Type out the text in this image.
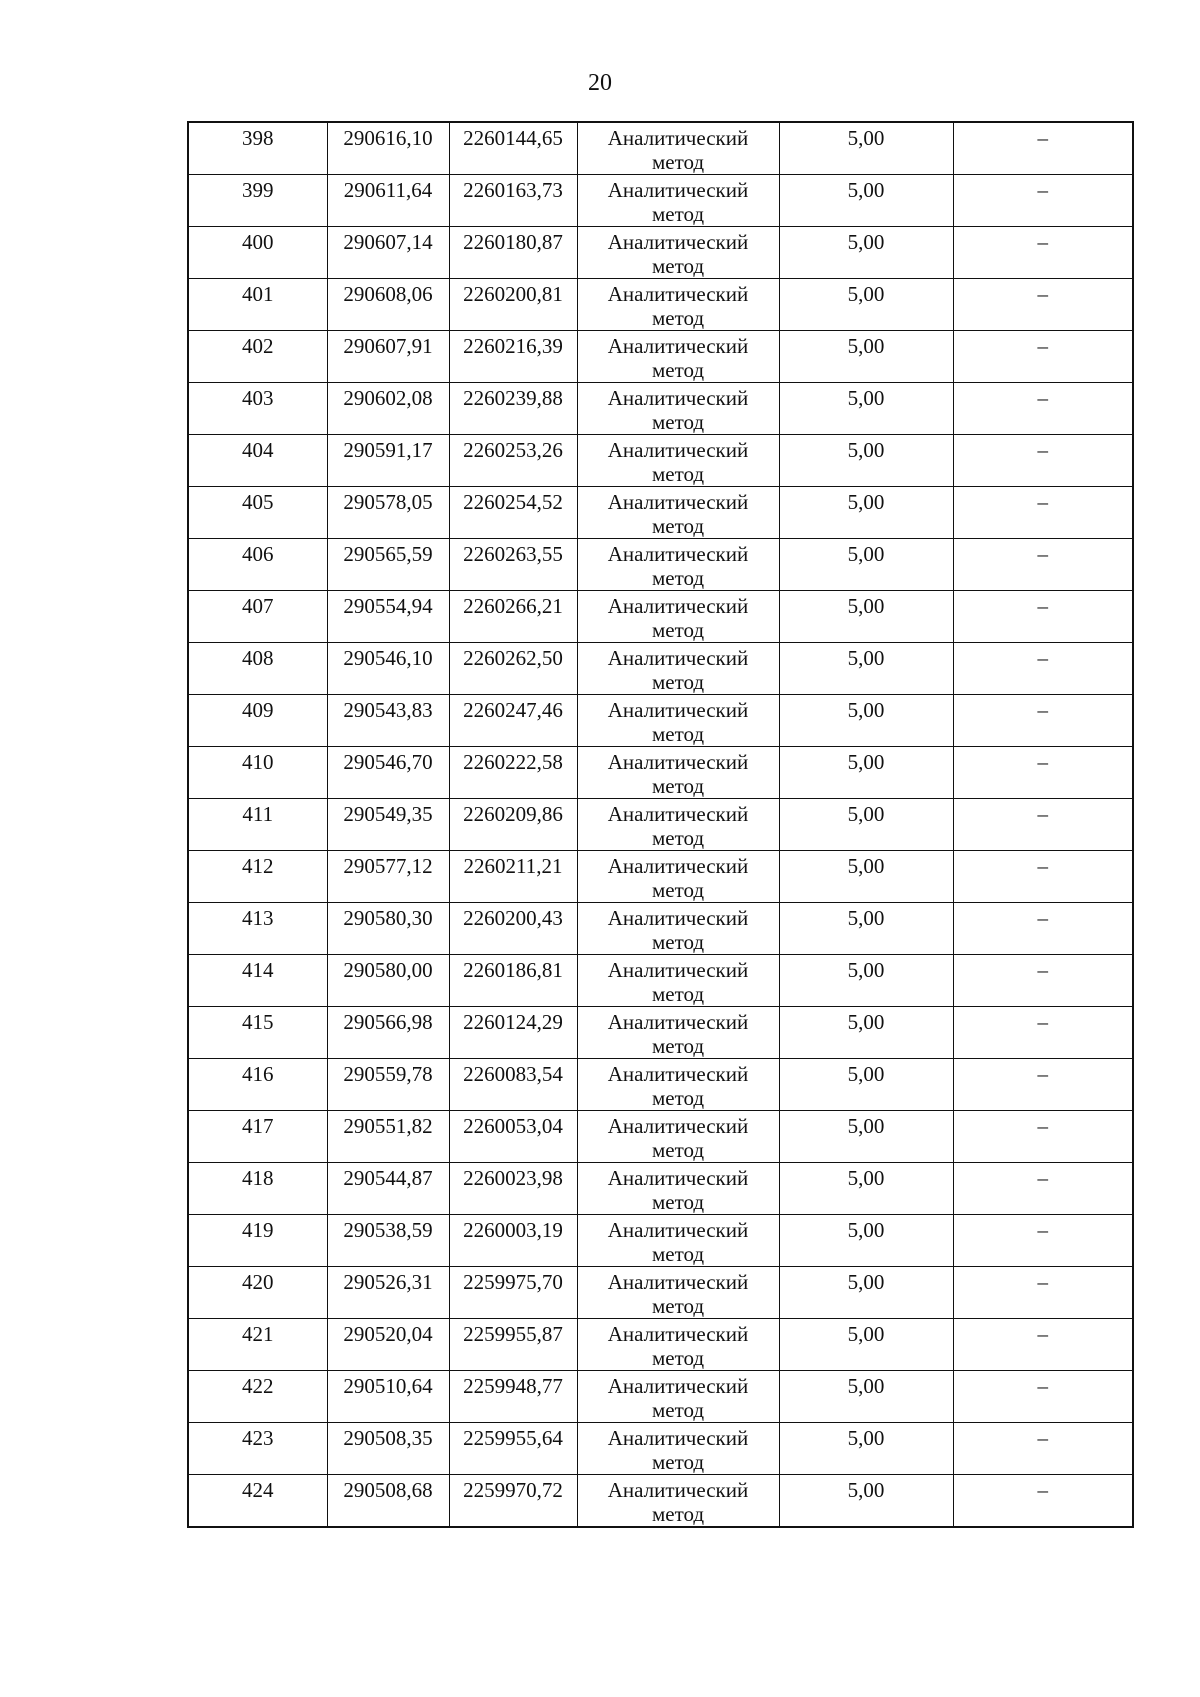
20
398	290616,10	2260144,65	Аналитический
метод	5,00	–

399	290611,64	2260163,73	Аналитический
метод	5,00	–

400	290607,14	2260180,87	Аналитический
метод	5,00	–

401	290608,06	2260200,81	Аналитический
метод	5,00	–

402	290607,91	2260216,39	Аналитический
метод	5,00	–

403	290602,08	2260239,88	Аналитический
метод	5,00	–

404	290591,17	2260253,26	Аналитический
метод	5,00	–

405	290578,05	2260254,52	Аналитический
метод	5,00	–

406	290565,59	2260263,55	Аналитический
метод	5,00	–

407	290554,94	2260266,21	Аналитический
метод	5,00	–

408	290546,10	2260262,50	Аналитический
метод	5,00	–

409	290543,83	2260247,46	Аналитический
метод	5,00	–

410	290546,70	2260222,58	Аналитический
метод	5,00	–

411	290549,35	2260209,86	Аналитический
метод	5,00	–

412	290577,12	2260211,21	Аналитический
метод	5,00	–

413	290580,30	2260200,43	Аналитический
метод	5,00	–

414	290580,00	2260186,81	Аналитический
метод	5,00	–

415	290566,98	2260124,29	Аналитический
метод	5,00	–

416	290559,78	2260083,54	Аналитический
метод	5,00	–

417	290551,82	2260053,04	Аналитический
метод	5,00	–

418	290544,87	2260023,98	Аналитический
метод	5,00	–

419	290538,59	2260003,19	Аналитический
метод	5,00	–

420	290526,31	2259975,70	Аналитический
метод	5,00	–

421	290520,04	2259955,87	Аналитический
метод	5,00	–

422	290510,64	2259948,77	Аналитический
метод	5,00	–

423	290508,35	2259955,64	Аналитический
метод	5,00	–

424	290508,68	2259970,72	Аналитический
метод	5,00	–
